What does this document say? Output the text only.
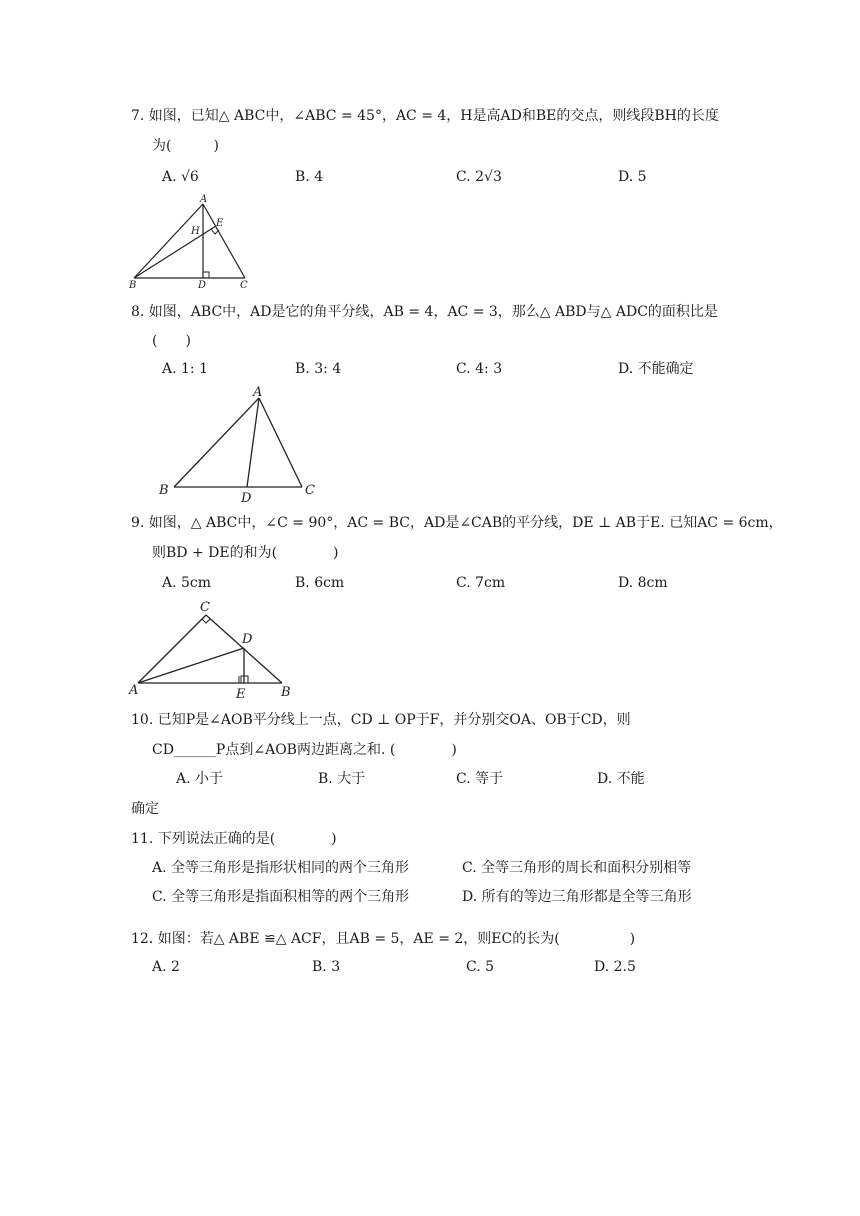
7. 如图，已知△ ABC中，∠ABC = 45°，AC = 4，H是高AD和BE的交点，则线段BH的长度
为(　　　)
A. √6	B. 4	C. 2√3	D. 5
A
E
H
B	D	C
8. 如图，ABC中，AD是它的角平分线，AB = 4，AC = 3，那么△ ABD与△ ADC的面积比是
(　　)
A. 1: 1	B. 3: 4	C. 4: 3	D. 不能确定
A
B
D
C
9. 如图，△ ABC中，∠C = 90°，AC = BC，AD是∠CAB的平分线，DE ⊥ AB于E. 已知AC = 6cm，
则BD + DE的和为(　　　　)
A. 5cm	B. 6cm	C. 7cm	D. 8cm
C
D
A	E	B
10. 已知P是∠AOB平分线上一点，CD ⊥ OP于F，并分别交OA、OB于CD，则
CD______P点到∠AOB两边距离之和. (　　　　)
A. 小于	B. 大于	C. 等于	D. 不能
确定
11. 下列说法正确的是(　　　　)
A. 全等三角形是指形状相同的两个三角形	C. 全等三角形的周长和面积分别相等
C. 全等三角形是指面积相等的两个三角形	D. 所有的等边三角形都是全等三角形
12. 如图：若△ ABE ≌△ ACF，且AB = 5，AE = 2，则EC的长为(　　　　　)
A. 2	B. 3	C. 5	D. 2.5
